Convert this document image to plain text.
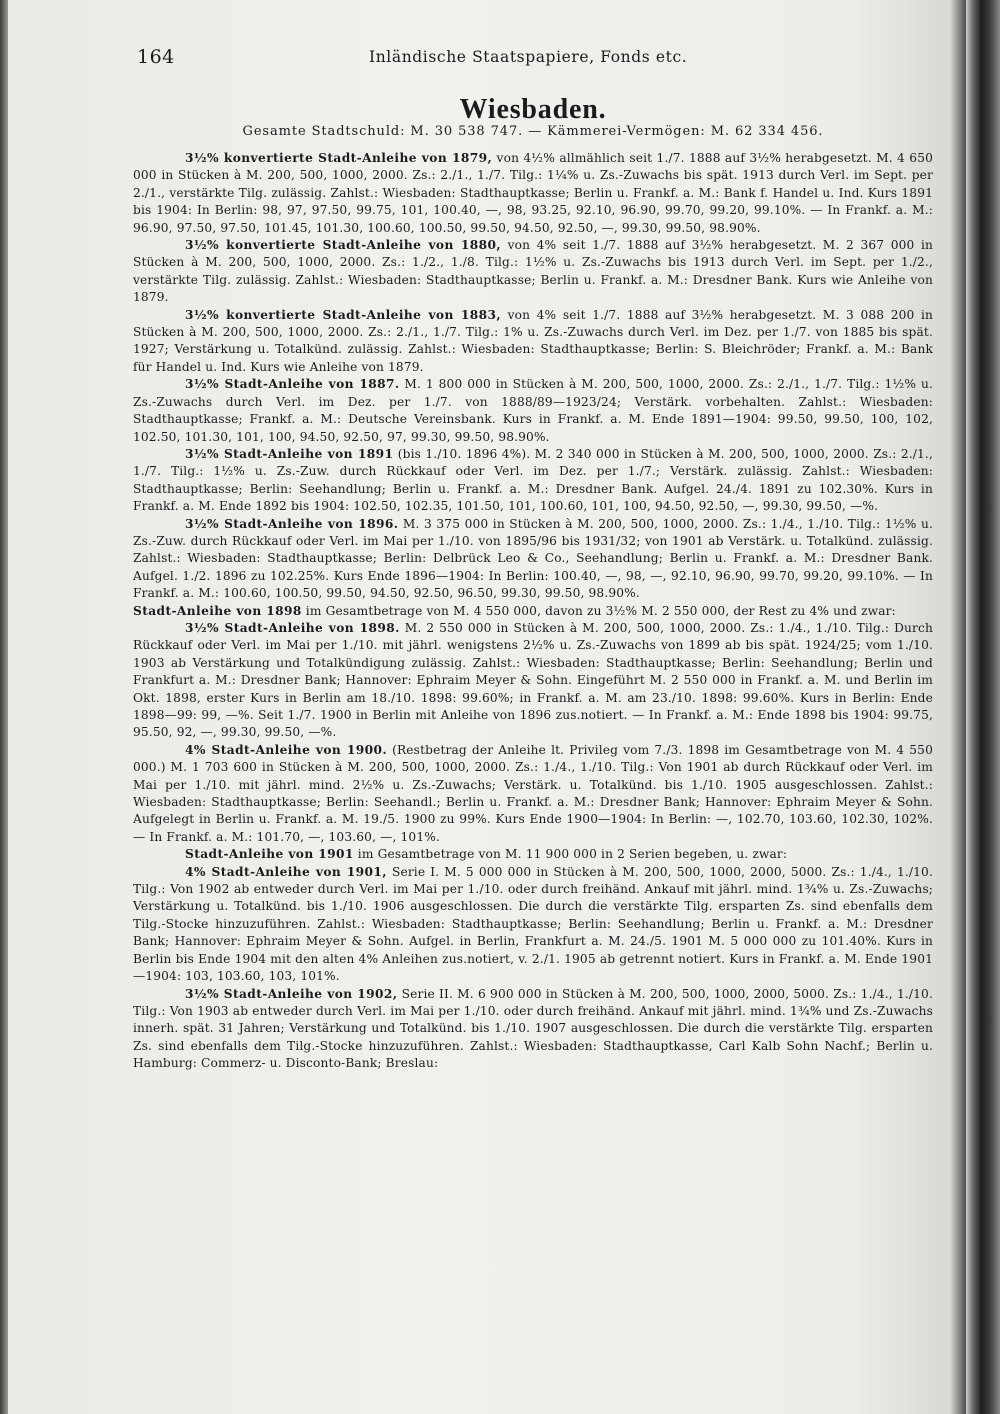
164	Inländische Staatspapiere, Fonds etc.
Wiesbaden.
Gesamte Stadtschuld: M. 30 538 747. — Kämmerei-Vermögen: M. 62 334 456.

3½% konvertierte Stadt-Anleihe von 1879, von 4½% allmählich seit 1./7. 1888 auf 3½% herabgesetzt. M. 4 650 000 in Stücken à M. 200, 500, 1000, 2000. Zs.: 2./1., 1./7. Tilg.: 1¼% u. Zs.-Zuwachs bis spät. 1913 durch Verl. im Sept. per 2./1., verstärkte Tilg. zulässig. Zahlst.: Wiesbaden: Stadthauptkasse; Berlin u. Frankf. a. M.: Bank f. Handel u. Ind. Kurs 1891 bis 1904: In Berlin: 98, 97, 97.50, 99.75, 101, 100.40, —, 98, 93.25, 92.10, 96.90, 99.70, 99.20, 99.10%. — In Frankf. a. M.: 96.90, 97.50, 97.50, 101.45, 101.30, 100.60, 100.50, 99.50, 94.50, 92.50, —, 99.30, 99.50, 98.90%.

3½% konvertierte Stadt-Anleihe von 1880, von 4% seit 1./7. 1888 auf 3½% herabgesetzt. M. 2 367 000 in Stücken à M. 200, 500, 1000, 2000. Zs.: 1./2., 1./8. Tilg.: 1½% u. Zs.-Zuwachs bis 1913 durch Verl. im Sept. per 1./2., verstärkte Tilg. zulässig. Zahlst.: Wiesbaden: Stadthauptkasse; Berlin u. Frankf. a. M.: Dresdner Bank. Kurs wie Anleihe von 1879.

3½% konvertierte Stadt-Anleihe von 1883, von 4% seit 1./7. 1888 auf 3½% herabgesetzt. M. 3 088 200 in Stücken à M. 200, 500, 1000, 2000. Zs.: 2./1., 1./7. Tilg.: 1% u. Zs.-Zuwachs durch Verl. im Dez. per 1./7. von 1885 bis spät. 1927; Verstärkung u. Totalkünd. zulässig. Zahlst.: Wiesbaden: Stadthauptkasse; Berlin: S. Bleichröder; Frankf. a. M.: Bank für Handel u. Ind. Kurs wie Anleihe von 1879.

3½% Stadt-Anleihe von 1887. M. 1 800 000 in Stücken à M. 200, 500, 1000, 2000. Zs.: 2./1., 1./7. Tilg.: 1½% u. Zs.-Zuwachs durch Verl. im Dez. per 1./7. von 1888/89—1923/24; Verstärk. vorbehalten. Zahlst.: Wiesbaden: Stadthauptkasse; Frankf. a. M.: Deutsche Vereinsbank. Kurs in Frankf. a. M. Ende 1891—1904: 99.50, 99.50, 100, 102, 102.50, 101.30, 101, 100, 94.50, 92.50, 97, 99.30, 99.50, 98.90%.

3½% Stadt-Anleihe von 1891 (bis 1./10. 1896 4%). M. 2 340 000 in Stücken à M. 200, 500, 1000, 2000. Zs.: 2./1., 1./7. Tilg.: 1½% u. Zs.-Zuw. durch Rückkauf oder Verl. im Dez. per 1./7.; Verstärk. zulässig. Zahlst.: Wiesbaden: Stadthauptkasse; Berlin: Seehandlung; Berlin u. Frankf. a. M.: Dresdner Bank. Aufgel. 24./4. 1891 zu 102.30%. Kurs in Frankf. a. M. Ende 1892 bis 1904: 102.50, 102.35, 101.50, 101, 100.60, 101, 100, 94.50, 92.50, —, 99.30, 99.50, —%.

3½% Stadt-Anleihe von 1896. M. 3 375 000 in Stücken à M. 200, 500, 1000, 2000. Zs.: 1./4., 1./10. Tilg.: 1½% u. Zs.-Zuw. durch Rückkauf oder Verl. im Mai per 1./10. von 1895/96 bis 1931/32; von 1901 ab Verstärk. u. Totalkünd. zulässig. Zahlst.: Wiesbaden: Stadthauptkasse; Berlin: Delbrück Leo & Co., Seehandlung; Berlin u. Frankf. a. M.: Dresdner Bank. Aufgel. 1./2. 1896 zu 102.25%. Kurs Ende 1896—1904: In Berlin: 100.40, —, 98, —, 92.10, 96.90, 99.70, 99.20, 99.10%. — In Frankf. a. M.: 100.60, 100.50, 99.50, 94.50, 92.50, 96.50, 99.30, 99.50, 98.90%.

Stadt-Anleihe von 1898 im Gesamtbetrage von M. 4 550 000, davon zu 3½% M. 2 550 000, der Rest zu 4% und zwar:

3½% Stadt-Anleihe von 1898. M. 2 550 000 in Stücken à M. 200, 500, 1000, 2000. Zs.: 1./4., 1./10. Tilg.: Durch Rückkauf oder Verl. im Mai per 1./10. mit jährl. wenigstens 2½% u. Zs.-Zuwachs von 1899 ab bis spät. 1924/25; vom 1./10. 1903 ab Verstärkung und Totalkündigung zulässig. Zahlst.: Wiesbaden: Stadthauptkasse; Berlin: Seehandlung; Berlin und Frankfurt a. M.: Dresdner Bank; Hannover: Ephraim Meyer & Sohn. Eingeführt M. 2 550 000 in Frankf. a. M. und Berlin im Okt. 1898, erster Kurs in Berlin am 18./10. 1898: 99.60%; in Frankf. a. M. am 23./10. 1898: 99.60%. Kurs in Berlin: Ende 1898—99: 99, —%. Seit 1./7. 1900 in Berlin mit Anleihe von 1896 zus.notiert. — In Frankf. a. M.: Ende 1898 bis 1904: 99.75, 95.50, 92, —, 99.30, 99.50, —%.

4% Stadt-Anleihe von 1900. (Restbetrag der Anleihe lt. Privileg vom 7./3. 1898 im Gesamtbetrage von M. 4 550 000.) M. 1 703 600 in Stücken à M. 200, 500, 1000, 2000. Zs.: 1./4., 1./10. Tilg.: Von 1901 ab durch Rückkauf oder Verl. im Mai per 1./10. mit jährl. mind. 2½% u. Zs.-Zuwachs; Verstärk. u. Totalkünd. bis 1./10. 1905 ausgeschlossen. Zahlst.: Wiesbaden: Stadthauptkasse; Berlin: Seehandl.; Berlin u. Frankf. a. M.: Dresdner Bank; Hannover: Ephraim Meyer & Sohn. Aufgelegt in Berlin u. Frankf. a. M. 19./5. 1900 zu 99%. Kurs Ende 1900—1904: In Berlin: —, 102.70, 103.60, 102.30, 102%. — In Frankf. a. M.: 101.70, —, 103.60, —, 101%.

Stadt-Anleihe von 1901 im Gesamtbetrage von M. 11 900 000 in 2 Serien begeben, u. zwar:

4% Stadt-Anleihe von 1901, Serie I. M. 5 000 000 in Stücken à M. 200, 500, 1000, 2000, 5000. Zs.: 1./4., 1./10. Tilg.: Von 1902 ab entweder durch Verl. im Mai per 1./10. oder durch freihänd. Ankauf mit jährl. mind. 1¾% u. Zs.-Zuwachs; Verstärkung u. Totalkünd. bis 1./10. 1906 ausgeschlossen. Die durch die verstärkte Tilg. ersparten Zs. sind ebenfalls dem Tilg.-Stocke hinzuzuführen. Zahlst.: Wiesbaden: Stadthauptkasse; Berlin: Seehandlung; Berlin u. Frankf. a. M.: Dresdner Bank; Hannover: Ephraim Meyer & Sohn. Aufgel. in Berlin, Frankfurt a. M. 24./5. 1901 M. 5 000 000 zu 101.40%. Kurs in Berlin bis Ende 1904 mit den alten 4% Anleihen zus.notiert, v. 2./1. 1905 ab getrennt notiert. Kurs in Frankf. a. M. Ende 1901—1904: 103, 103.60, 103, 101%.

3½% Stadt-Anleihe von 1902, Serie II. M. 6 900 000 in Stücken à M. 200, 500, 1000, 2000, 5000. Zs.: 1./4., 1./10. Tilg.: Von 1903 ab entweder durch Verl. im Mai per 1./10. oder durch freihänd. Ankauf mit jährl. mind. 1¾% und Zs.-Zuwachs innerh. spät. 31 Jahren; Verstärkung und Totalkünd. bis 1./10. 1907 ausgeschlossen. Die durch die verstärkte Tilg. ersparten Zs. sind ebenfalls dem Tilg.-Stocke hinzuzuführen. Zahlst.: Wiesbaden: Stadthauptkasse, Carl Kalb Sohn Nachf.; Berlin u. Hamburg: Commerz- u. Disconto-Bank; Breslau:
